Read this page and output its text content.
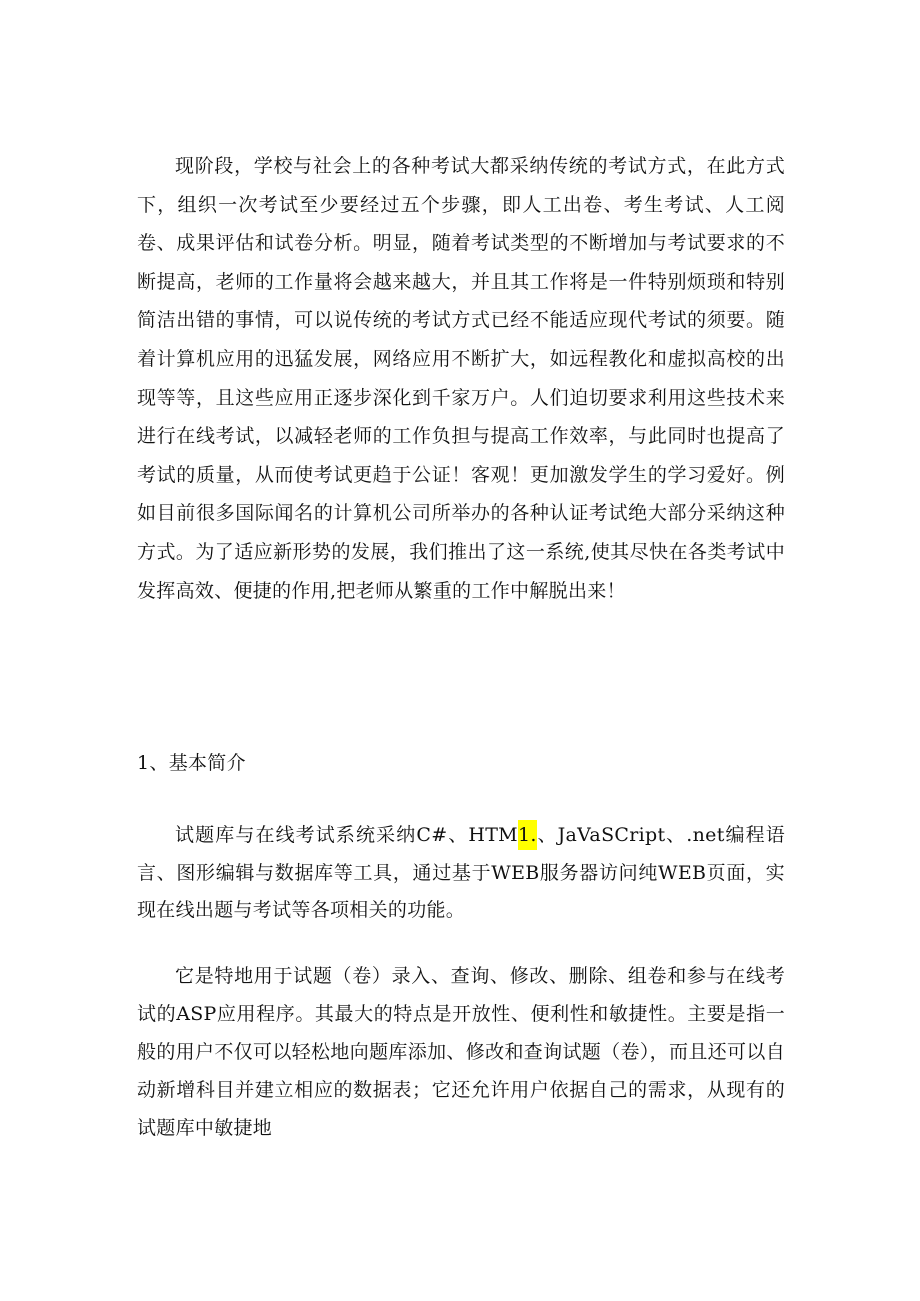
现阶段，学校与社会上的各种考试大都采纳传统的考试方式，在此方式下，组织一次考试至少要经过五个步骤，即人工出卷、考生考试、人工阅卷、成果评估和试卷分析。明显，随着考试类型的不断增加与考试要求的不断提高，老师的工作量将会越来越大，并且其工作将是一件特别烦琐和特别简洁出错的事情，可以说传统的考试方式已经不能适应现代考试的须要。随着计算机应用的迅猛发展，网络应用不断扩大，如远程教化和虚拟高校的出现等等，且这些应用正逐步深化到千家万户。人们迫切要求利用这些技术来进行在线考试，以减轻老师的工作负担与提高工作效率，与此同时也提高了考试的质量，从而使考试更趋于公证！客观！更加激发学生的学习爱好。例如目前很多国际闻名的计算机公司所举办的各种认证考试绝大部分采纳这种方式。为了适应新形势的发展，我们推出了这一系统,使其尽快在各类考试中发挥高效、便捷的作用,把老师从繁重的工作中解脱出来！

1、基本简介

试题库与在线考试系统采纳C#、HTM1.、JaVaSCript、.net编程语言、图形编辑与数据库等工具，通过基于WEB服务器访问纯WEB页面，实现在线出题与考试等各项相关的功能。

它是特地用于试题（卷）录入、查询、修改、删除、组卷和参与在线考试的ASP应用程序。其最大的特点是开放性、便利性和敏捷性。主要是指一般的用户不仅可以轻松地向题库添加、修改和查询试题（卷），而且还可以自动新增科目并建立相应的数据表；它还允许用户依据自己的需求，从现有的试题库中敏捷地
